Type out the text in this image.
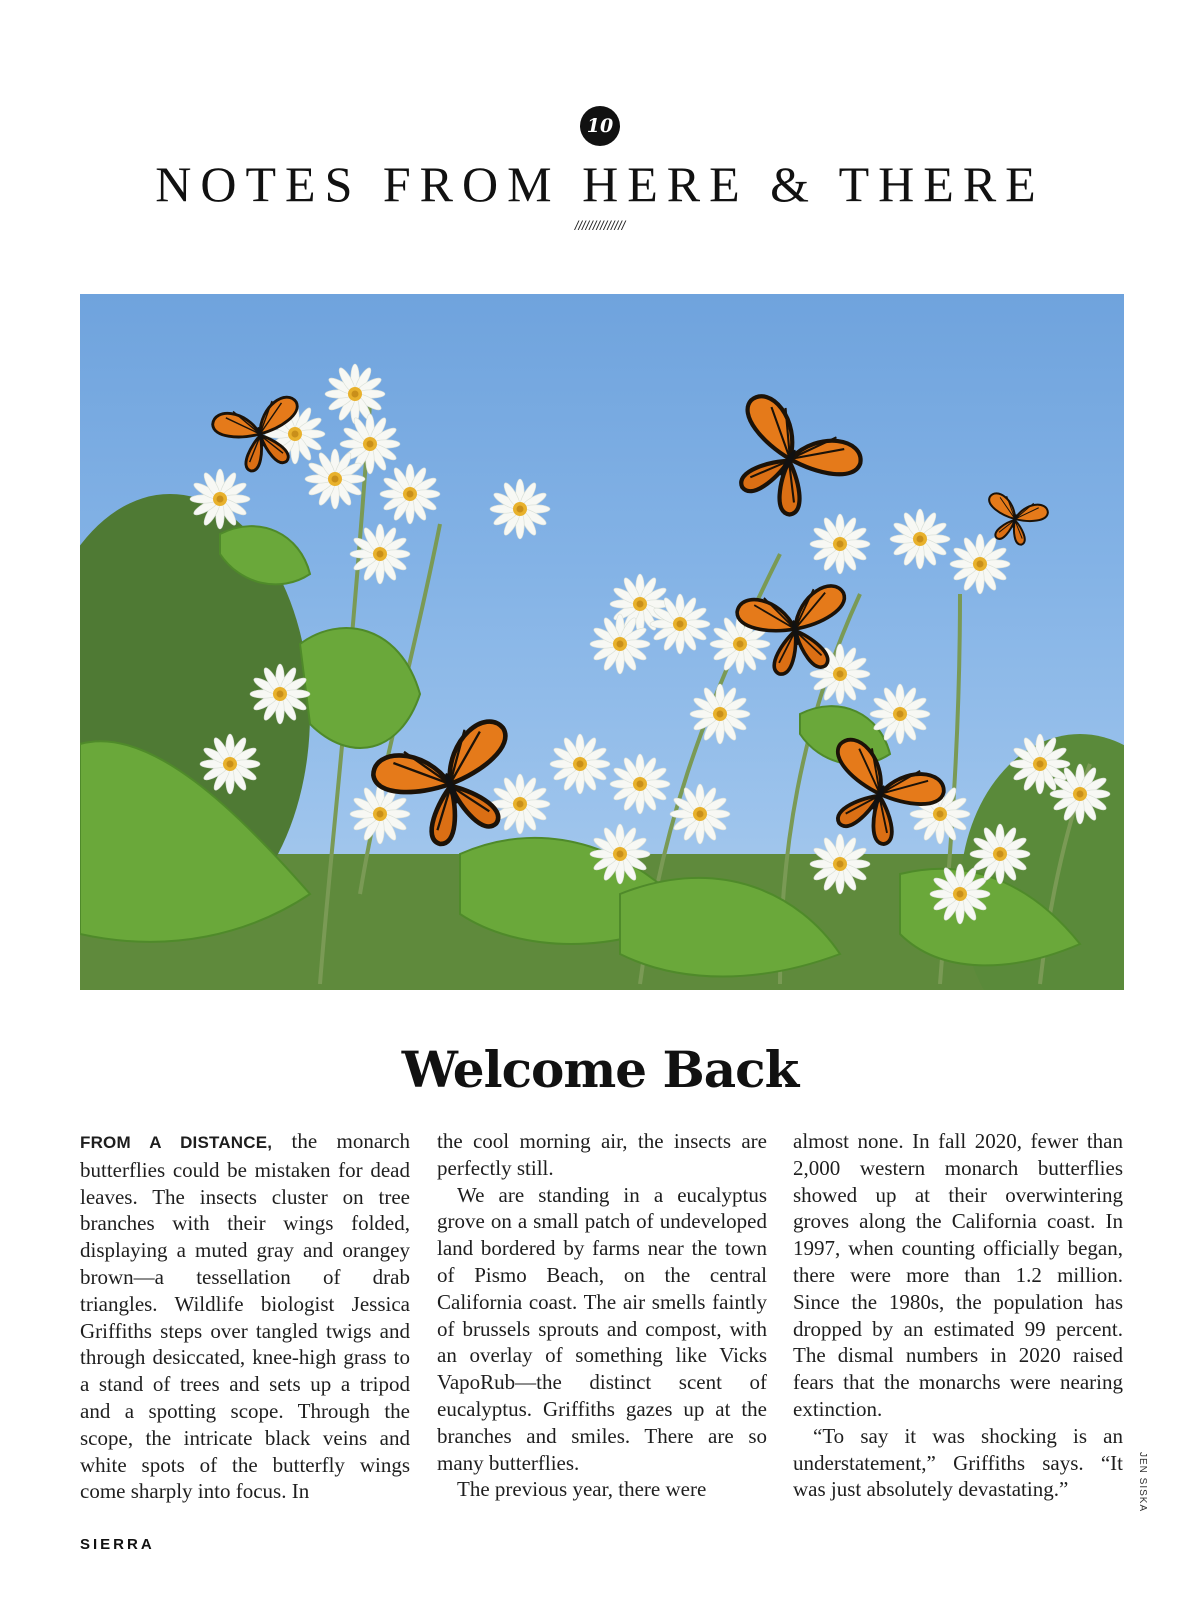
10
NOTES FROM HERE & THERE
//////////////
Welcome Back

FROM A DISTANCE, the monarch butterflies could be mistaken for dead leaves. The insects cluster on tree branches with their wings folded, displaying a muted gray and orangey brown—a tessellation of drab triangles. Wildlife biologist Jessica Griffiths steps over tangled twigs and through desiccated, knee-high grass to a stand of trees and sets up a tripod and a spotting scope. Through the scope, the intricate black veins and white spots of the butterfly wings come sharply into focus. In

the cool morning air, the insects are perfectly still.

We are standing in a eucalyptus grove on a small patch of undeveloped land bordered by farms near the town of Pismo Beach, on the central California coast. The air smells faintly of brussels sprouts and compost, with an overlay of something like Vicks VapoRub—the distinct scent of eucalyptus. Griffiths gazes up at the branches and smiles. There are so many butterflies.

The previous year, there were

almost none. In fall 2020, fewer than 2,000 western monarch butterflies showed up at their overwintering groves along the California coast. In 1997, when counting officially began, there were more than 1.2 million. Since the 1980s, the population has dropped by an estimated 99 percent. The dismal numbers in 2020 raised fears that the monarchs were nearing extinction.

“To say it was shocking is an understatement,” Griffiths says. “It was just absolutely devastating.”	JEN SISKA
SIERRA
